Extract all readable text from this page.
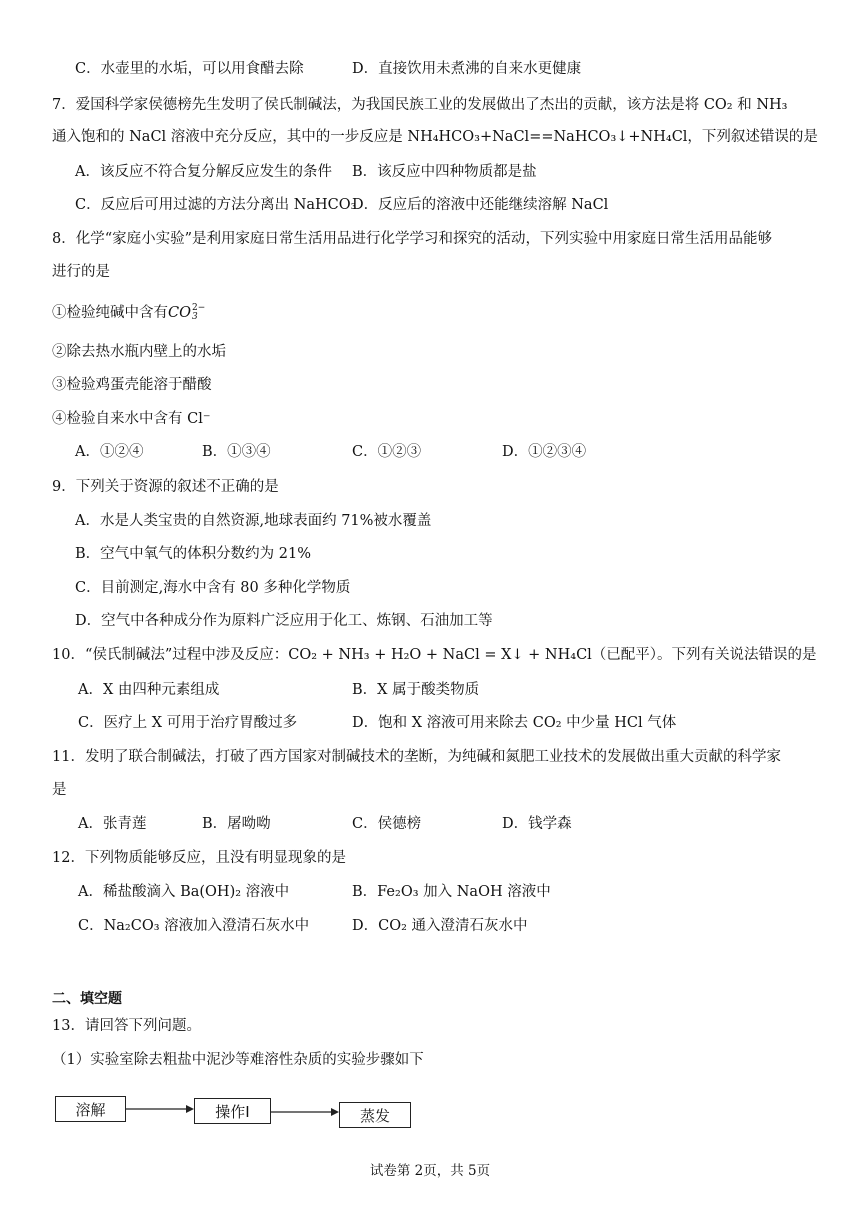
C．水壶里的水垢，可以用食醋去除	D．直接饮用未煮沸的自来水更健康
7．爱国科学家侯德榜先生发明了侯氏制碱法，为我国民族工业的发展做出了杰出的贡献，该方法是将 CO₂ 和 NH₃
通入饱和的 NaCl 溶液中充分反应，其中的一步反应是 NH₄HCO₃+NaCl==NaHCO₃↓+NH₄Cl，下列叙述错误的是
A．该反应不符合复分解反应发生的条件 B．该反应中四种物质都是盐
C．反应后可用过滤的方法分离出 NaHCO₃
D．反应后的溶液中还能继续溶解 NaCl
8．化学“家庭小实验”是利用家庭日常生活用品进行化学学习和探究的活动，下列实验中用家庭日常生活用品能够
进行的是
①检验纯碱中含有CO 2−
3
②除去热水瓶内壁上的水垢
③检验鸡蛋壳能溶于醋酸
④检验自来水中含有 Cl⁻
A．①②④	B．①③④	C．①②③	D．①②③④
9．下列关于资源的叙述不正确的是
A．水是人类宝贵的自然资源,地球表面约 71%被水覆盖
B．空气中氧气的体积分数约为 21%
C．目前测定,海水中含有 80 多种化学物质
D．空气中各种成分作为原料广泛应用于化工、炼钢、石油加工等
10．“侯氏制碱法”过程中涉及反应：CO₂ + NH₃ + H₂O + NaCl = X↓ + NH₄Cl（已配平）。下列有关说法错误的是
A．X 由四种元素组成	B．X 属于酸类物质
C．医疗上 X 可用于治疗胃酸过多	D．饱和 X 溶液可用来除去 CO₂ 中少量 HCl 气体
11．发明了联合制碱法，打破了西方国家对制碱技术的垄断，为纯碱和氮肥工业技术的发展做出重大贡献的科学家
是
A．张青莲	B．屠呦呦	C．侯德榜	D．钱学森
12．下列物质能够反应，且没有明显现象的是
A．稀盐酸滴入 Ba(OH)₂ 溶液中	B．Fe₂O₃ 加入 NaOH 溶液中
C．Na₂CO₃ 溶液加入澄清石灰水中	D．CO₂ 通入澄清石灰水中
二、填空题
13．请回答下列问题。
（1）实验室除去粗盐中泥沙等难溶性杂质的实验步骤如下
溶解	操作Ⅰ	蒸发
试卷第 2页，共 5页
